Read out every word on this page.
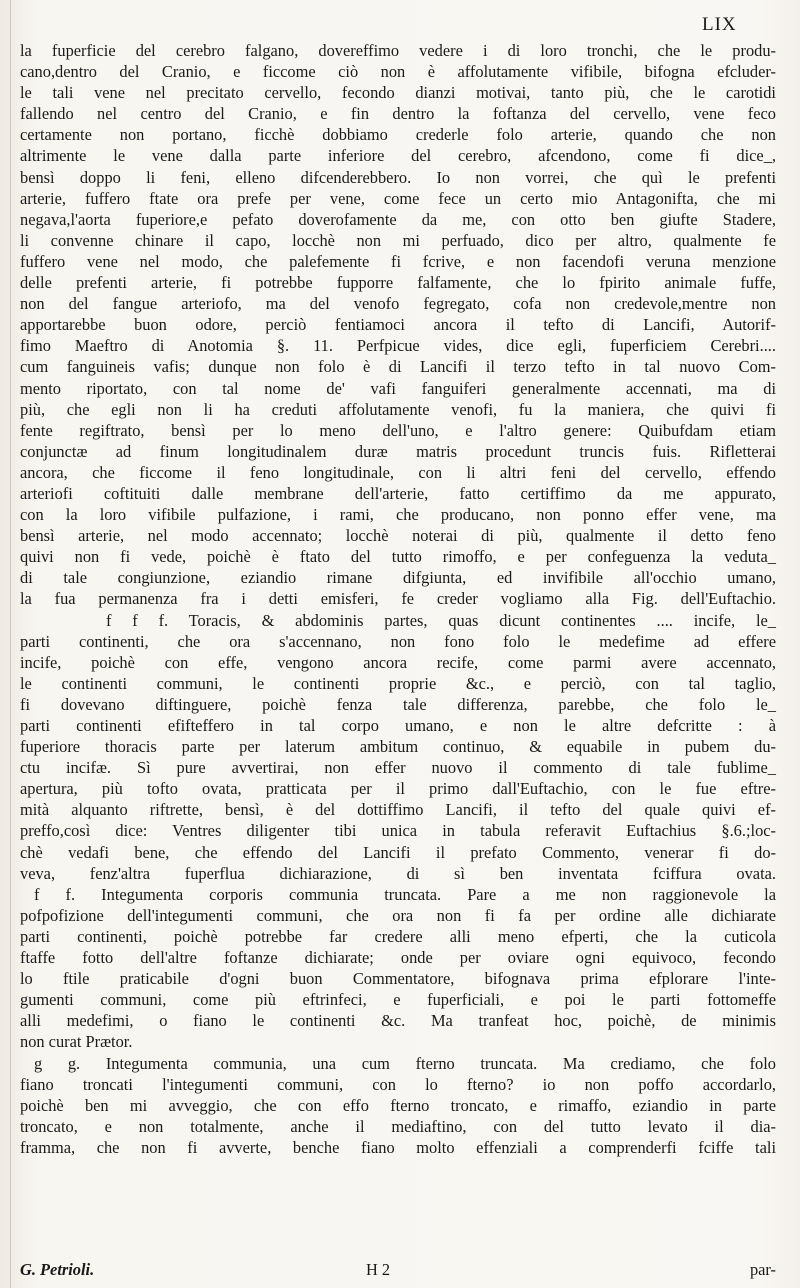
LIX
la fuperficie del cerebro falgano, dovereffimo vedere i di loro tronchi, che le produ-
cano,dentro del Cranio, e ficcome ciò non è affolutamente vifibile, bifogna efcluder-
le tali vene nel precitato cervello, fecondo dianzi motivai, tanto più, che le carotidi
fallendo nel centro del Cranio, e fin dentro la foftanza del cervello, vene feco
certamente non portano, ficchè dobbiamo crederle folo arterie, quando che non
altrimente le vene dalla parte inferiore del cerebro, afcendono, come fi dice_,
bensì doppo li feni, elleno difcenderebbero. Io non vorrei, che quì le prefenti
arterie, fuffero ftate ora prefe per vene, come fece un certo mio Antagonifta, che mi
negava,l'aorta fuperiore,e pefato doverofamente da me, con otto ben giufte Stadere,
li convenne chinare il capo, locchè non mi perfuado, dico per altro, qualmente fe
fuffero vene nel modo, che palefemente fi fcrive, e non facendofi veruna menzione
delle prefenti arterie, fi potrebbe fupporre falfamente, che lo fpirito animale fuffe,
non del fangue arteriofo, ma del venofo fegregato, cofa non credevole,mentre non
apportarebbe buon odore, perciò fentiamoci ancora il tefto di Lancifi, Autorif-
fimo Maeftro di Anotomia §. 11. Perfpicue vides, dice egli, fuperficiem Cerebri....
cum fanguineis vafis; dunque non folo è di Lancifi il terzo tefto in tal nuovo Com-
mento riportato, con tal nome de' vafi fanguiferi generalmente accennati, ma di
più, che egli non li ha creduti affolutamente venofi, fu la maniera, che quivi fi
fente regiftrato, bensì per lo meno dell'uno, e l'altro genere: Quibufdam etiam
conjunctæ ad finum longitudinalem duræ matris procedunt truncis fuis. Rifletterai
ancora, che ficcome il feno longitudinale, con li altri feni del cervello, effendo
arteriofi coftituiti dalle membrane dell'arterie, fatto certiffimo da me appurato,
con la loro vifibile pulfazione, i rami, che producano, non ponno effer vene, ma
bensì arterie, nel modo accennato; locchè noterai di più, qualmente il detto feno
quivi non fi vede, poichè è ftato del tutto rimoffo, e per confeguenza la veduta_
di tale congiunzione, eziandio rimane difgiunta, ed invifibile all'occhio umano,
la fua permanenza fra i detti emisferi, fe creder vogliamo alla Fig. dell'Euftachio.
f f f. Toracis, & abdominis partes, quas dicunt continentes .... incife, le_
parti continenti, che ora s'accennano, non fono folo le medefime ad effere
incife, poichè con effe, vengono ancora recife, come parmi avere accennato,
le continenti communi, le continenti proprie &c., e perciò, con tal taglio,
fi dovevano diftinguere, poichè fenza tale differenza, parebbe, che folo le_
parti continenti efifteffero in tal corpo umano, e non le altre defcritte : à
fuperiore thoracis parte per laterum ambitum continuo, & equabile in pubem du-
ctu incifæ. Sì pure avvertirai, non effer nuovo il commento di tale fublime_
apertura, più tofto ovata, pratticata per il primo dall'Euftachio, con le fue eftre-
mità alquanto riftrette, bensì, è del dottiffimo Lancifi, il tefto del quale quivi ef-
preffo,così dice: Ventres diligenter tibi unica in tabula referavit Euftachius §.6.;loc-
chè vedafi bene, che effendo del Lancifi il prefato Commento, venerar fi do-
veva, fenz'altra fuperflua dichiarazione, di sì ben inventata fciffura ovata.
f f. Integumenta corporis communia truncata. Pare a me non raggionevole la
pofpofizione dell'integumenti communi, che ora non fi fa per ordine alle dichiarate
parti continenti, poichè potrebbe far credere alli meno efperti, che la cuticola
ftaffe fotto dell'altre foftanze dichiarate; onde per oviare ogni equivoco, fecondo
lo ftile praticabile d'ogni buon Commentatore, bifognava prima efplorare l'inte-
gumenti communi, come più eftrinfeci, e fuperficiali, e poi le parti fottomeffe
alli medefimi, o fiano le continenti &c. Ma tranfeat hoc, poichè, de minimis
non curat Prætor.
g g. Integumenta communia, una cum fterno truncata. Ma crediamo, che folo
fiano troncati l'integumenti communi, con lo fterno? io non poffo accordarlo,
poichè ben mi avveggio, che con effo fterno troncato, e rimaffo, eziandio in parte
troncato, e non totalmente, anche il mediaftino, con del tutto levato il dia-
framma, che non fi avverte, benche fiano molto effenziali a comprenderfi fciffe tali
G. Petrioli.	H 2	par-
